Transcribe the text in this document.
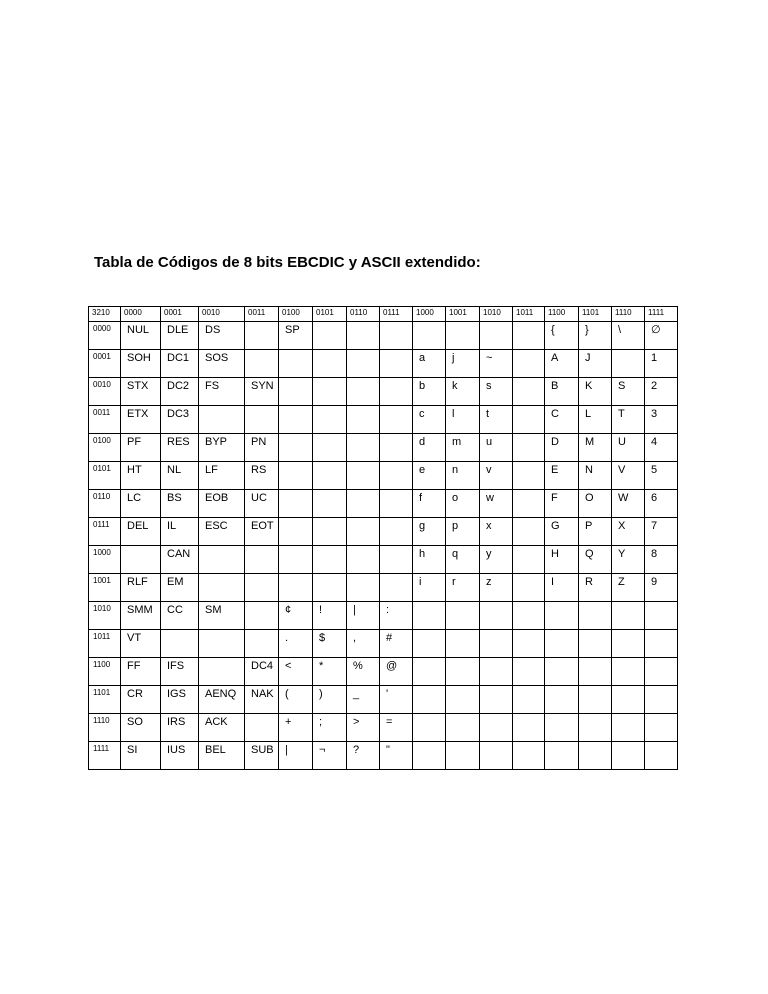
Tabla de Códigos de 8 bits EBCDIC y ASCII extendido:
3210	0000	0001	0010	0011	0100	0101	0110	0111	1000	1001	1010	1011	1100	1101	1110	1111
0000	NUL	DLE	DS		SP								{	}	\	∅
0001	SOH	DC1	SOS						a	j	~		A	J		1
0010	STX	DC2	FS	SYN					b	k	s		B	K	S	2
0011	ETX	DC3							c	l	t		C	L	T	3
0100	PF	RES	BYP	PN					d	m	u		D	M	U	4
0101	HT	NL	LF	RS					e	n	v		E	N	V	5
0110	LC	BS	EOB	UC					f	o	w		F	O	W	6
0111	DEL	IL	ESC	EOT					g	p	x		G	P	X	7
1000		CAN							h	q	y		H	Q	Y	8
1001	RLF	EM							i	r	z		I	R	Z	9
1010	SMM	CC	SM		¢	!	|	:								
1011	VT				.	$	,	#								
1100	FF	IFS		DC4	<	*	%	@								
1101	CR	IGS	AENQ	NAK	(	)	_	'								
1110	SO	IRS	ACK		+	;	>	=								
1111	SI	IUS	BEL	SUB	|	¬	?	"								
